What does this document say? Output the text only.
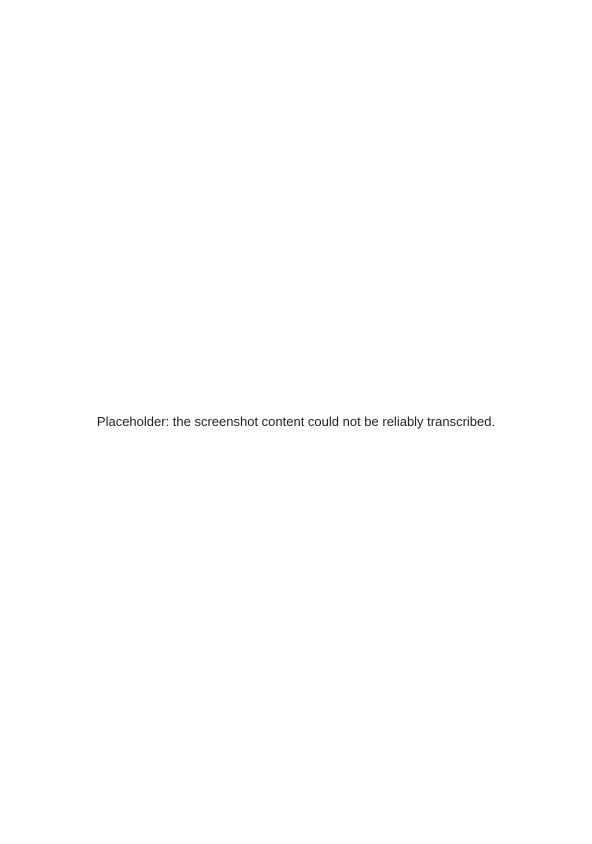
Placeholder: the screenshot content could not be reliably transcribed.
